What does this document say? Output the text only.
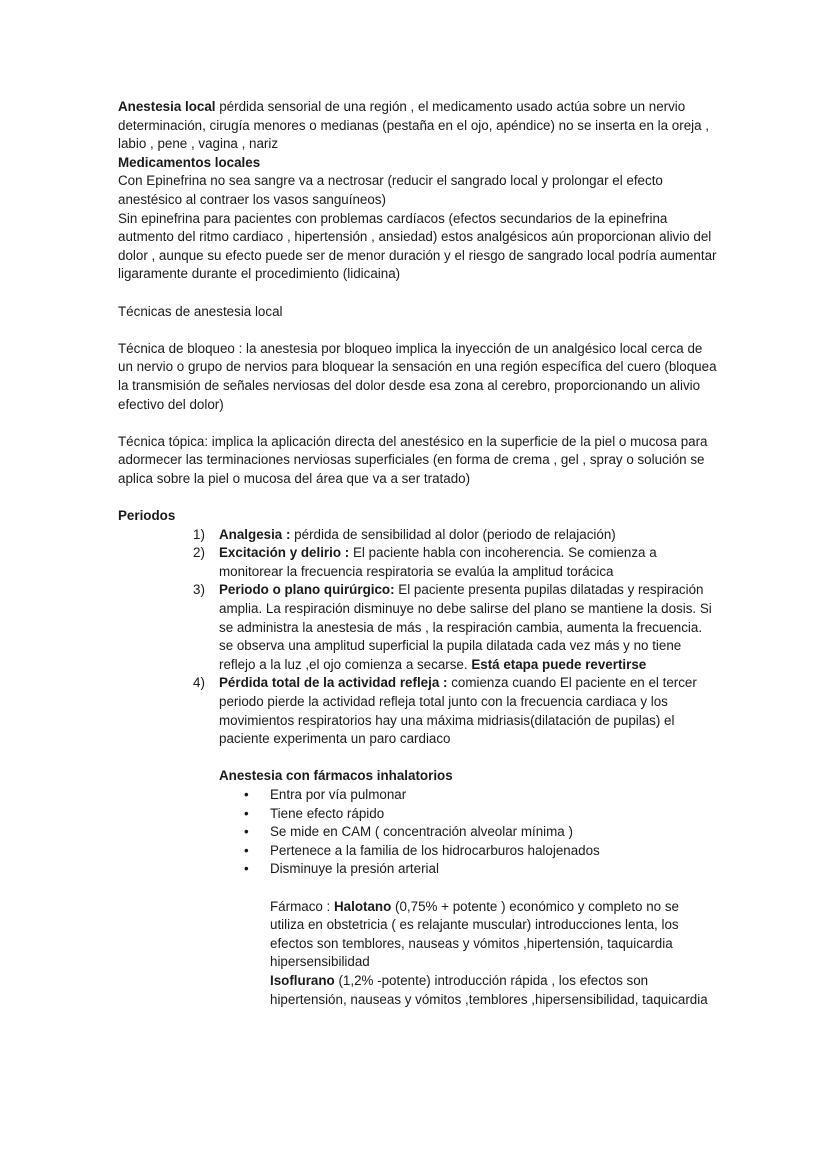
Anestesia local pérdida sensorial de una región , el medicamento usado actúa sobre un nervio determinación, cirugía menores o medianas (pestaña en el ojo, apéndice) no se inserta en la oreja , labio , pene , vagina , nariz

Medicamentos locales

Con Epinefrina no sea sangre va a nectrosar (reducir el sangrado local y prolongar el efecto anestésico al contraer los vasos sanguíneos)

Sin epinefrina para pacientes con problemas cardíacos (efectos secundarios de la epinefrina autmento del ritmo cardiaco , hipertensión , ansiedad) estos analgésicos aún proporcionan alivio del dolor , aunque su efecto puede ser de menor duración y el riesgo de sangrado local podría aumentar ligaramente durante el procedimiento (lidicaina)

Técnicas de anestesia local

Técnica de bloqueo : la anestesia por bloqueo implica la inyección de un analgésico local cerca de un nervio o grupo de nervios para bloquear la sensación en una región específica del cuero (bloquea la transmisión de señales nerviosas del dolor desde esa zona al cerebro, proporcionando un alivio efectivo del dolor)

Técnica tópica: implica la aplicación directa del anestésico en la superficie de la piel o mucosa para adormecer las terminaciones nerviosas superficiales (en forma de crema , gel , spray o solución se aplica sobre la piel o mucosa del área que va a ser tratado)

Periodos

1) Analgesia : pérdida de sensibilidad al dolor (periodo de relajación)
2) Excitación y delirio : El paciente habla con incoherencia. Se comienza a monitorear la frecuencia respiratoria se evalúa la amplitud torácica
3) Periodo o plano quirúrgico: El paciente presenta pupilas dilatadas y respiración amplia. La respiración disminuye no debe salirse del plano se mantiene la dosis. Si se administra la anestesia de más , la respiración cambia, aumenta la frecuencia. se observa una amplitud superficial la pupila dilatada cada vez más y no tiene reflejo a la luz ,el ojo comienza a secarse. Está etapa puede revertirse
4) Pérdida total de la actividad refleja : comienza cuando El paciente en el tercer periodo pierde la actividad refleja total junto con la frecuencia cardiaca y los movimientos respiratorios hay una máxima midriasis(dilatación de pupilas) el paciente experimenta un paro cardiaco

Anestesia con fármacos inhalatorios

• Entra por vía pulmonar
• Tiene efecto rápido
• Se mide en CAM ( concentración alveolar mínima )
• Pertenece a la familia de los hidrocarburos halojenados
• Disminuye la presión arterial

Fármaco : Halotano (0,75% + potente ) económico y completo no se utiliza en obstetricia ( es relajante muscular) introducciones lenta, los efectos son temblores, nauseas y vómitos ,hipertensión, taquicardia hipersensibilidad

Isoflurano (1,2% -potente) introducción rápida , los efectos son hipertensión, nauseas y vómitos ,temblores ,hipersensibilidad, taquicardia
